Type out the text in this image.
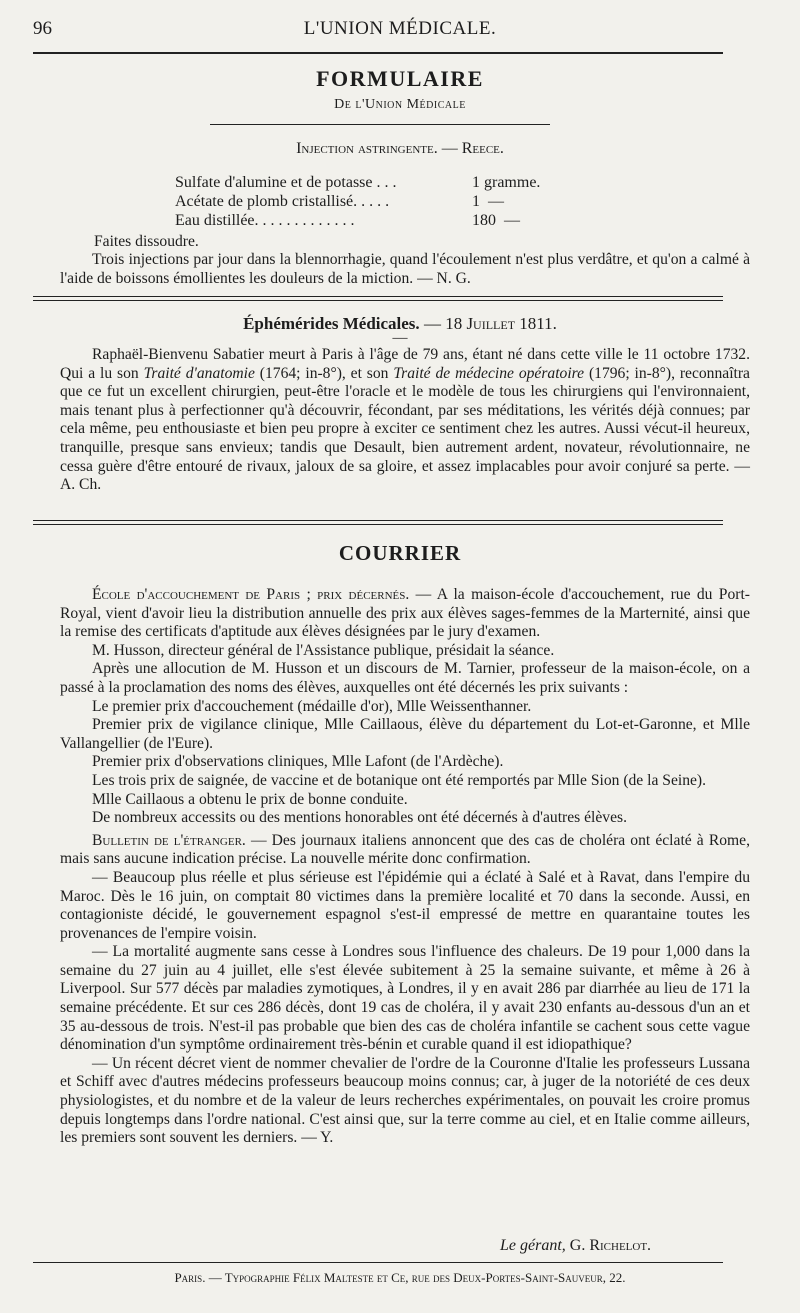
96	L'UNION MÉDICALE.
FORMULAIRE
De l'Union Médicale
Injection astringente. — Reece.
Sulfate d'alumine et de potasse . . .	1 gramme.
Acétate de plomb cristallisé. . . . .	1  —
Eau distillée. . . . . . . . . . . . .	180  —

Faites dissoudre.

Trois injections par jour dans la blennorrhagie, quand l'écoulement n'est plus verdâtre, et qu'on a calmé à l'aide de boissons émollientes les douleurs de la miction. — N. G.

Éphémérides Médicales. — 18 Juillet 1811.
—

Raphaël-Bienvenu Sabatier meurt à Paris à l'âge de 79 ans, étant né dans cette ville le 11 octobre 1732. Qui a lu son Traité d'anatomie (1764; in-8°), et son Traité de médecine opératoire (1796; in-8°), reconnaîtra que ce fut un excellent chirurgien, peut-être l'oracle et le modèle de tous les chirurgiens qui l'environnaient, mais tenant plus à perfectionner qu'à découvrir, fécondant, par ses méditations, les vérités déjà connues; par cela même, peu enthousiaste et bien peu propre à exciter ce sentiment chez les autres. Aussi vécut-il heureux, tranquille, presque sans envieux; tandis que Desault, bien autrement ardent, novateur, révolutionnaire, ne cessa guère d'être entouré de rivaux, jaloux de sa gloire, et assez implacables pour avoir conjuré sa perte. — A. Ch.

COURRIER

École d'accouchement de Paris ; prix décernés. — A la maison-école d'accouchement, rue du Port-Royal, vient d'avoir lieu la distribution annuelle des prix aux élèves sages-femmes de la Marternité, ainsi que la remise des certificats d'aptitude aux élèves désignées par le jury d'examen.

M. Husson, directeur général de l'Assistance publique, présidait la séance.

Après une allocution de M. Husson et un discours de M. Tarnier, professeur de la maison-école, on a passé à la proclamation des noms des élèves, auxquelles ont été décernés les prix suivants :

Le premier prix d'accouchement (médaille d'or), Mlle Weissenthanner.

Premier prix de vigilance clinique, Mlle Caillaous, élève du département du Lot-et-Garonne, et Mlle Vallangellier (de l'Eure).

Premier prix d'observations cliniques, Mlle Lafont (de l'Ardèche).

Les trois prix de saignée, de vaccine et de botanique ont été remportés par Mlle Sion (de la Seine).

Mlle Caillaous a obtenu le prix de bonne conduite.

De nombreux accessits ou des mentions honorables ont été décernés à d'autres élèves.

Bulletin de l'étranger. — Des journaux italiens annoncent que des cas de choléra ont éclaté à Rome, mais sans aucune indication précise. La nouvelle mérite donc confirmation.

— Beaucoup plus réelle et plus sérieuse est l'épidémie qui a éclaté à Salé et à Ravat, dans l'empire du Maroc. Dès le 16 juin, on comptait 80 victimes dans la première localité et 70 dans la seconde. Aussi, en contagioniste décidé, le gouvernement espagnol s'est-il empressé de mettre en quarantaine toutes les provenances de l'empire voisin.

— La mortalité augmente sans cesse à Londres sous l'influence des chaleurs. De 19 pour 1,000 dans la semaine du 27 juin au 4 juillet, elle s'est élevée subitement à 25 la semaine suivante, et même à 26 à Liverpool. Sur 577 décès par maladies zymotiques, à Londres, il y en avait 286 par diarrhée au lieu de 171 la semaine précédente. Et sur ces 286 décès, dont 19 cas de choléra, il y avait 230 enfants au-dessous d'un an et 35 au-dessous de trois. N'est-il pas probable que bien des cas de choléra infantile se cachent sous cette vague dénomination d'un symptôme ordinairement très-bénin et curable quand il est idiopathique?

— Un récent décret vient de nommer chevalier de l'ordre de la Couronne d'Italie les professeurs Lussana et Schiff avec d'autres médecins professeurs beaucoup moins connus; car, à juger de la notoriété de ces deux physiologistes, et du nombre et de la valeur de leurs recherches expérimentales, on pouvait les croire promus depuis longtemps dans l'ordre national. C'est ainsi que, sur la terre comme au ciel, et en Italie comme ailleurs, les premiers sont souvent les derniers. — Y.

Le gérant, G. Richelot.
Paris. — Typographie Félix Malteste et Ce, rue des Deux-Portes-Saint-Sauveur, 22.
